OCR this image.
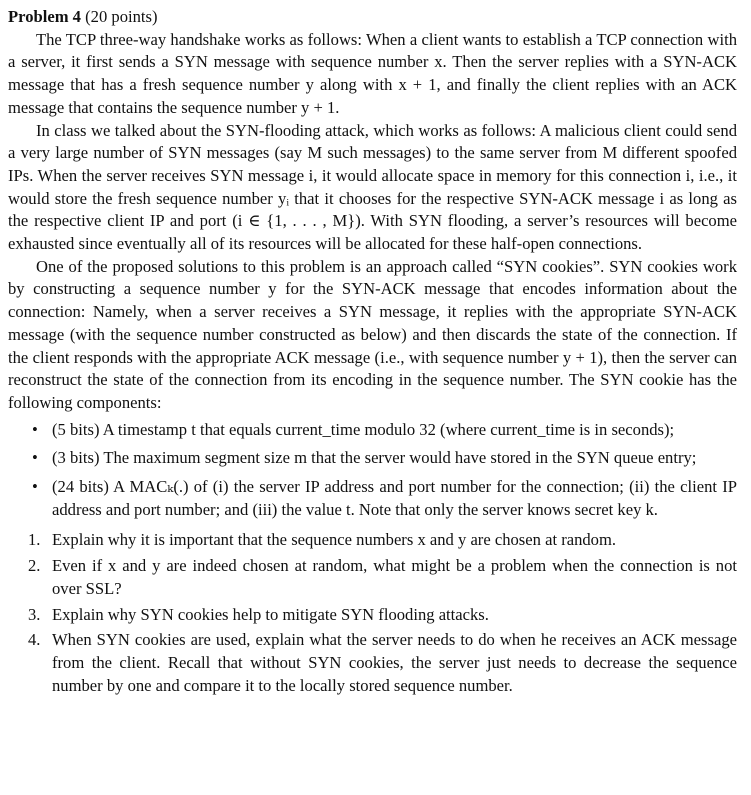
Problem 4 (20 points)

The TCP three-way handshake works as follows: When a client wants to establish a TCP connection with a server, it first sends a SYN message with sequence number x. Then the server replies with a SYN-ACK message that has a fresh sequence number y along with x + 1, and finally the client replies with an ACK message that contains the sequence number y + 1.

In class we talked about the SYN-flooding attack, which works as follows: A malicious client could send a very large number of SYN messages (say M such messages) to the same server from M different spoofed IPs. When the server receives SYN message i, it would allocate space in memory for this connection i, i.e., it would store the fresh sequence number yᵢ that it chooses for the respective SYN-ACK message i as long as the respective client IP and port (i ∈ {1, . . . , M}). With SYN flooding, a server’s resources will become exhausted since eventually all of its resources will be allocated for these half-open connections.

One of the proposed solutions to this problem is an approach called “SYN cookies”. SYN cookies work by constructing a sequence number y for the SYN-ACK message that encodes information about the connection: Namely, when a server receives a SYN message, it replies with the appropriate SYN-ACK message (with the sequence number constructed as below) and then discards the state of the connection. If the client responds with the appropriate ACK message (i.e., with sequence number y + 1), then the server can reconstruct the state of the connection from its encoding in the sequence number. The SYN cookie has the following components:

• (5 bits) A timestamp t that equals current_time modulo 32 (where current_time is in seconds);
• (3 bits) The maximum segment size m that the server would have stored in the SYN queue entry;
• (24 bits) A MACₖ(.) of (i) the server IP address and port number for the connection; (ii) the client IP address and port number; and (iii) the value t. Note that only the server knows secret key k.
1. Explain why it is important that the sequence numbers x and y are chosen at random.
2. Even if x and y are indeed chosen at random, what might be a problem when the connection is not over SSL?
3. Explain why SYN cookies help to mitigate SYN flooding attacks.
4. When SYN cookies are used, explain what the server needs to do when he receives an ACK message from the client. Recall that without SYN cookies, the server just needs to decrease the sequence number by one and compare it to the locally stored sequence number.
